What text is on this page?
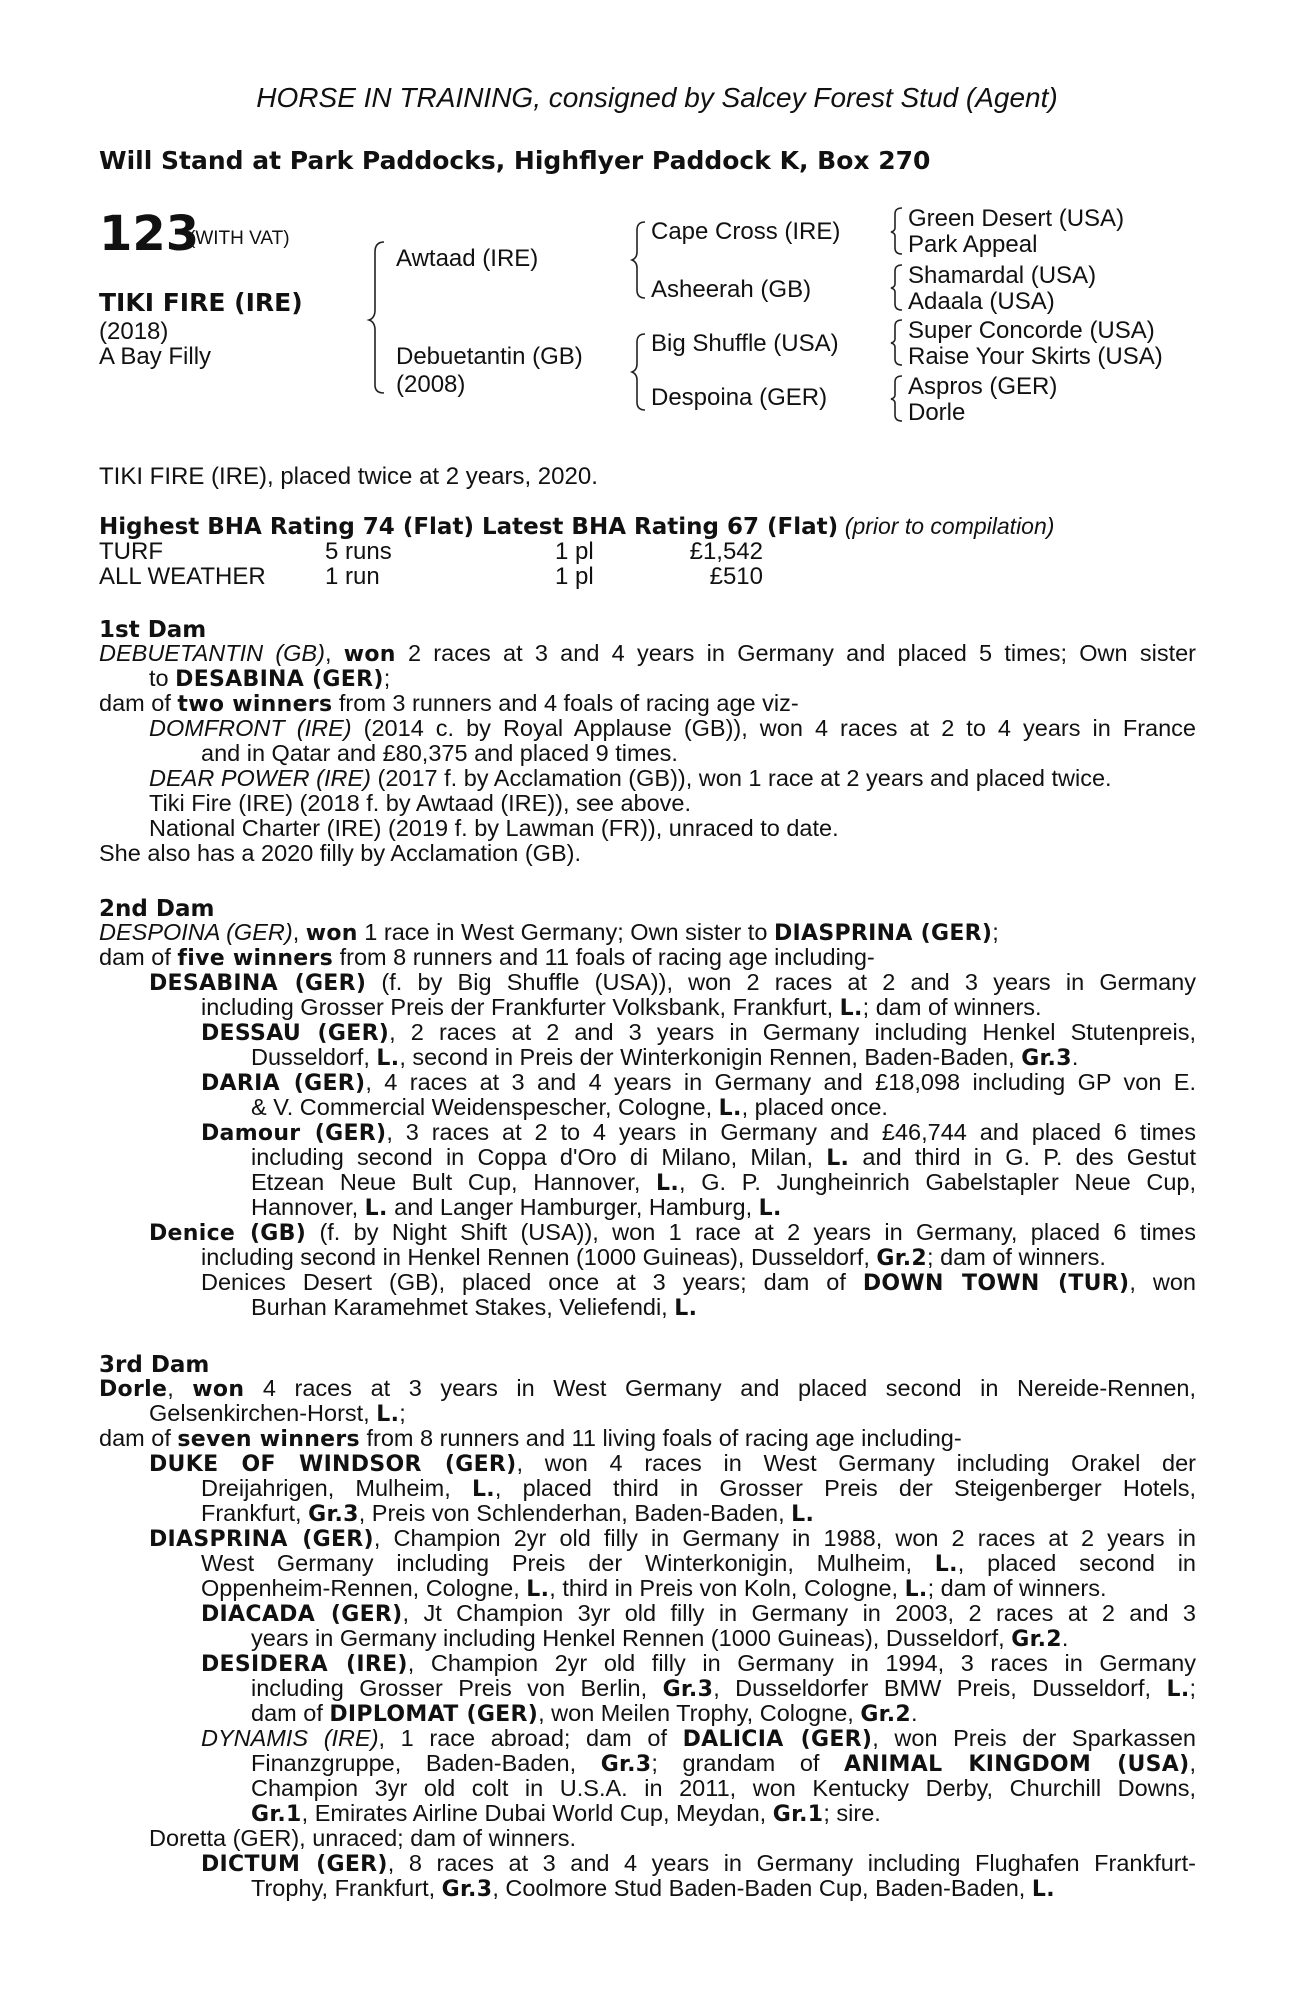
HORSE IN TRAINING, consigned by Salcey Forest Stud (Agent)
Will Stand at Park Paddocks, Highflyer Paddock K, Box 270
123
(WITH VAT)
TIKI FIRE (IRE)
(2018)
A Bay Filly
Awtaad (IRE)
Debuetantin (GB)
(2008)
Cape Cross (IRE)
Asheerah (GB)
Big Shuffle (USA)
Despoina (GER)
Green Desert (USA)
Park Appeal
Shamardal (USA)
Adaala (USA)
Super Concorde (USA)
Raise Your Skirts (USA)
Aspros (GER)
Dorle
TIKI FIRE (IRE), placed twice at 2 years, 2020.
Highest BHA Rating 74 (Flat) Latest BHA Rating 67 (Flat) (prior to compilation)
TURF	5 runs	1 pl	£1,542
ALL WEATHER 1 run	1 pl	£510
1st Dam
DEBUETANTIN (GB), won 2 races at 3 and 4 years in Germany and placed 5 times; Own sister
to DESABINA (GER);
dam of two winners from 3 runners and 4 foals of racing age viz-
DOMFRONT (IRE) (2014 c. by Royal Applause (GB)), won 4 races at 2 to 4 years in France
and in Qatar and £80,375 and placed 9 times.
DEAR POWER (IRE) (2017 f. by Acclamation (GB)), won 1 race at 2 years and placed twice.
Tiki Fire (IRE) (2018 f. by Awtaad (IRE)), see above.
National Charter (IRE) (2019 f. by Lawman (FR)), unraced to date.
She also has a 2020 filly by Acclamation (GB).
2nd Dam
DESPOINA (GER), won 1 race in West Germany; Own sister to DIASPRINA (GER);
dam of five winners from 8 runners and 11 foals of racing age including-
DESABINA (GER) (f. by Big Shuffle (USA)), won 2 races at 2 and 3 years in Germany
including Grosser Preis der Frankfurter Volksbank, Frankfurt, L.; dam of winners.
DESSAU (GER), 2 races at 2 and 3 years in Germany including Henkel Stutenpreis,
Dusseldorf, L., second in Preis der Winterkonigin Rennen, Baden-Baden, Gr.3.
DARIA (GER), 4 races at 3 and 4 years in Germany and £18,098 including GP von E.
& V. Commercial Weidenspescher, Cologne, L., placed once.
Damour (GER), 3 races at 2 to 4 years in Germany and £46,744 and placed 6 times
including second in Coppa d'Oro di Milano, Milan, L. and third in G. P. des Gestut
Etzean Neue Bult Cup, Hannover, L., G. P. Jungheinrich Gabelstapler Neue Cup,
Hannover, L. and Langer Hamburger, Hamburg, L.
Denice (GB) (f. by Night Shift (USA)), won 1 race at 2 years in Germany, placed 6 times
including second in Henkel Rennen (1000 Guineas), Dusseldorf, Gr.2; dam of winners.
Denices Desert (GB), placed once at 3 years; dam of DOWN TOWN (TUR), won
Burhan Karamehmet Stakes, Veliefendi, L.
3rd Dam
Dorle, won 4 races at 3 years in West Germany and placed second in Nereide-Rennen,
Gelsenkirchen-Horst, L.;
dam of seven winners from 8 runners and 11 living foals of racing age including-
DUKE OF WINDSOR (GER), won 4 races in West Germany including Orakel der
Dreijahrigen, Mulheim, L., placed third in Grosser Preis der Steigenberger Hotels,
Frankfurt, Gr.3, Preis von Schlenderhan, Baden-Baden, L.
DIASPRINA (GER), Champion 2yr old filly in Germany in 1988, won 2 races at 2 years in
West Germany including Preis der Winterkonigin, Mulheim, L., placed second in
Oppenheim-Rennen, Cologne, L., third in Preis von Koln, Cologne, L.; dam of winners.
DIACADA (GER), Jt Champion 3yr old filly in Germany in 2003, 2 races at 2 and 3
years in Germany including Henkel Rennen (1000 Guineas), Dusseldorf, Gr.2.
DESIDERA (IRE), Champion 2yr old filly in Germany in 1994, 3 races in Germany
including Grosser Preis von Berlin, Gr.3, Dusseldorfer BMW Preis, Dusseldorf, L.;
dam of DIPLOMAT (GER), won Meilen Trophy, Cologne, Gr.2.
DYNAMIS (IRE), 1 race abroad; dam of DALICIA (GER), won Preis der Sparkassen
Finanzgruppe, Baden-Baden, Gr.3; grandam of ANIMAL KINGDOM (USA),
Champion 3yr old colt in U.S.A. in 2011, won Kentucky Derby, Churchill Downs,
Gr.1, Emirates Airline Dubai World Cup, Meydan, Gr.1; sire.
Doretta (GER), unraced; dam of winners.
DICTUM (GER), 8 races at 3 and 4 years in Germany including Flughafen Frankfurt-
Trophy, Frankfurt, Gr.3, Coolmore Stud Baden-Baden Cup, Baden-Baden, L.
